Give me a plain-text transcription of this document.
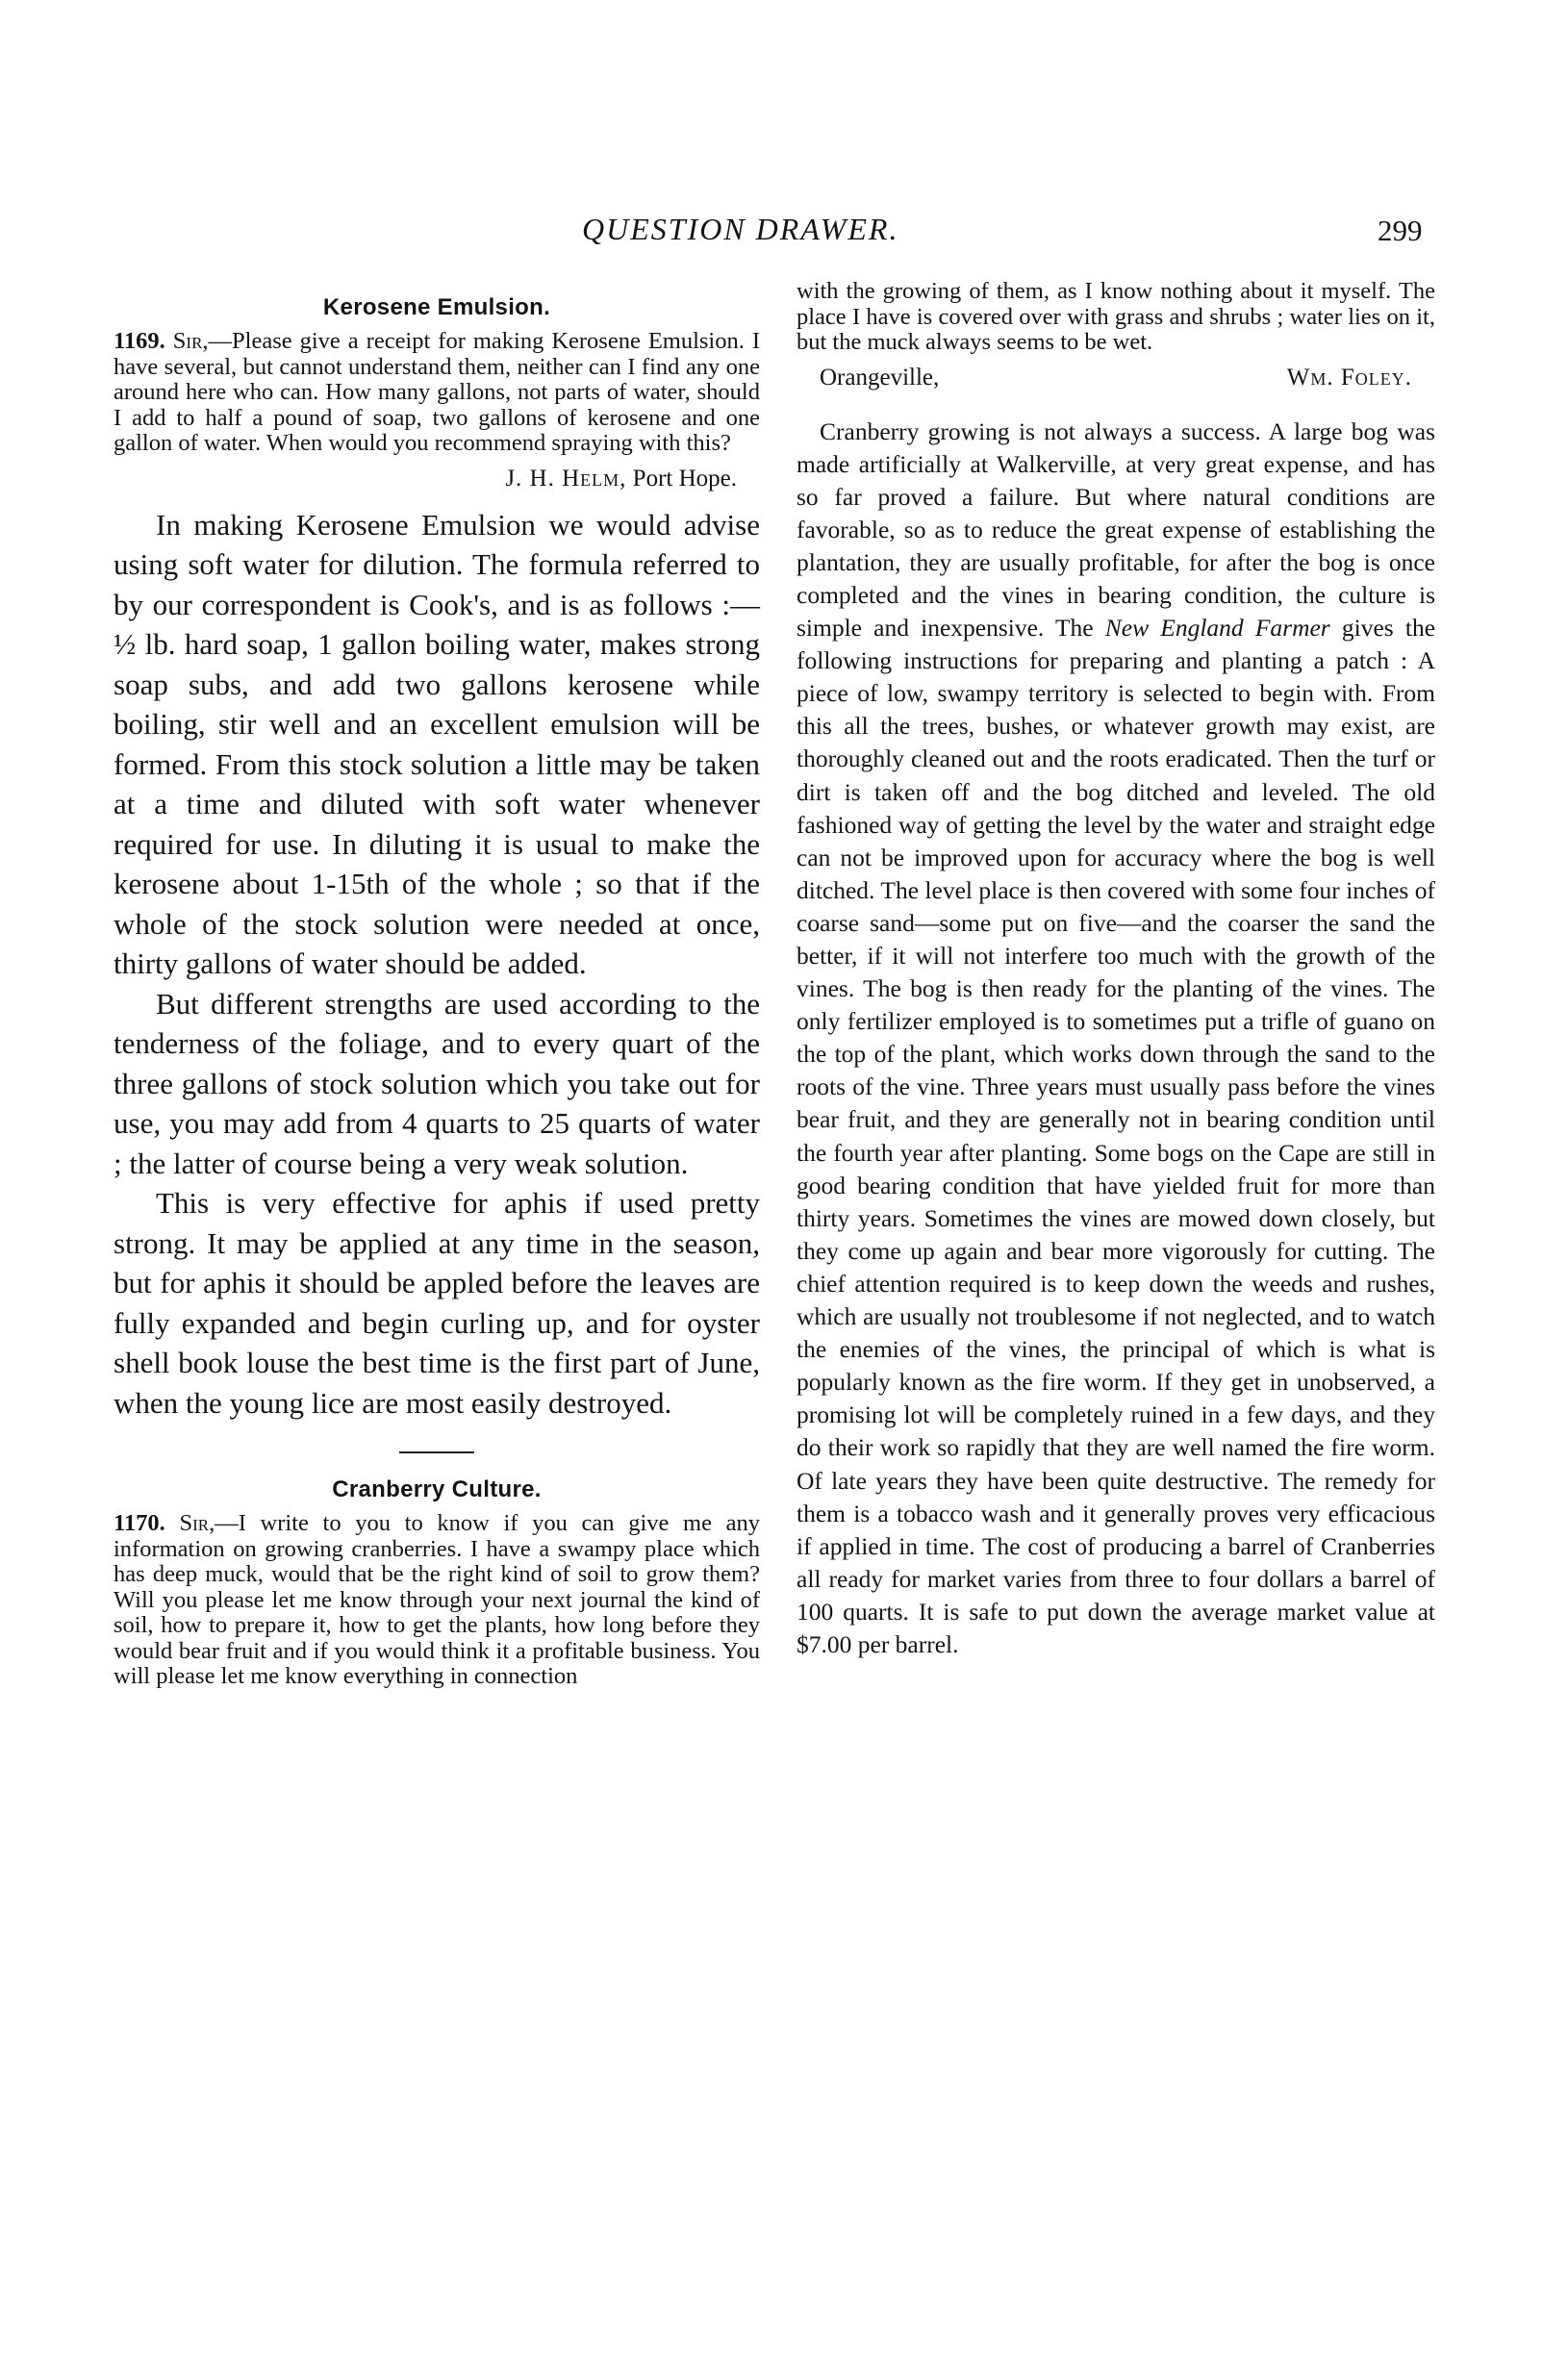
QUESTION DRAWER.	299
Kerosene Emulsion.

1169. Sir,—Please give a receipt for making Kerosene Emulsion. I have several, but cannot understand them, neither can I find any one around here who can. How many gallons, not parts of water, should I add to half a pound of soap, two gallons of kerosene and one gallon of water. When would you recommend spraying with this?

J. H. Helm, Port Hope.

In making Kerosene Emulsion we would advise using soft water for dilution. The formula referred to by our correspondent is Cook's, and is as follows :—½ lb. hard soap, 1 gallon boiling water, makes strong soap subs, and add two gallons kerosene while boiling, stir well and an excellent emulsion will be formed. From this stock solution a little may be taken at a time and diluted with soft water whenever required for use. In diluting it is usual to make the kerosene about 1-15th of the whole ; so that if the whole of the stock solution were needed at once, thirty gallons of water should be added.

But different strengths are used according to the tenderness of the foliage, and to every quart of the three gallons of stock solution which you take out for use, you may add from 4 quarts to 25 quarts of water ; the latter of course being a very weak solution.

This is very effective for aphis if used pretty strong. It may be applied at any time in the season, but for aphis it should be appled before the leaves are fully expanded and begin curling up, and for oyster shell book louse the best time is the first part of June, when the young lice are most easily destroyed.

Cranberry Culture.

1170. Sir,—I write to you to know if you can give me any information on growing cranberries. I have a swampy place which has deep muck, would that be the right kind of soil to grow them? Will you please let me know through your next journal the kind of soil, how to prepare it, how to get the plants, how long before they would bear fruit and if you would think it a profitable business. You will please let me know everything in connection

with the growing of them, as I know nothing about it myself. The place I have is covered over with grass and shrubs ; water lies on it, but the muck always seems to be wet.

Orangeville,	Wm. Foley.

Cranberry growing is not always a success. A large bog was made artificially at Walkerville, at very great expense, and has so far proved a failure. But where natural conditions are favorable, so as to reduce the great expense of establishing the plantation, they are usually profitable, for after the bog is once completed and the vines in bearing condition, the culture is simple and inexpensive. The New England Farmer gives the following instructions for preparing and planting a patch : A piece of low, swampy territory is selected to begin with. From this all the trees, bushes, or whatever growth may exist, are thoroughly cleaned out and the roots eradicated. Then the turf or dirt is taken off and the bog ditched and leveled. The old fashioned way of getting the level by the water and straight edge can not be improved upon for accuracy where the bog is well ditched. The level place is then covered with some four inches of coarse sand—some put on five—and the coarser the sand the better, if it will not interfere too much with the growth of the vines. The bog is then ready for the planting of the vines. The only fertilizer employed is to sometimes put a trifle of guano on the top of the plant, which works down through the sand to the roots of the vine. Three years must usually pass before the vines bear fruit, and they are generally not in bearing condition until the fourth year after planting. Some bogs on the Cape are still in good bearing condition that have yielded fruit for more than thirty years. Sometimes the vines are mowed down closely, but they come up again and bear more vigorously for cutting. The chief attention required is to keep down the weeds and rushes, which are usually not troublesome if not neglected, and to watch the enemies of the vines, the principal of which is what is popularly known as the fire worm. If they get in unobserved, a promising lot will be completely ruined in a few days, and they do their work so rapidly that they are well named the fire worm. Of late years they have been quite destructive. The remedy for them is a tobacco wash and it generally proves very efficacious if applied in time. The cost of producing a barrel of Cranberries all ready for market varies from three to four dollars a barrel of 100 quarts. It is safe to put down the average market value at $7.00 per barrel.
